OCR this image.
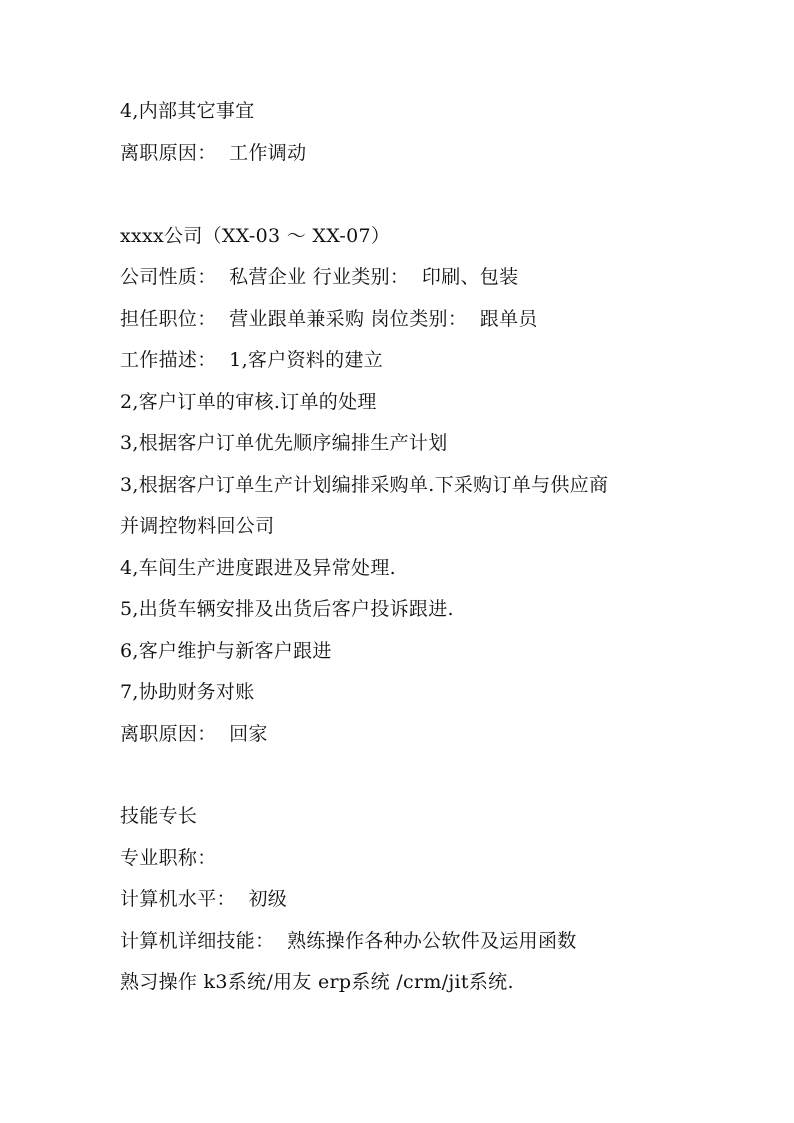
4,内部其它事宜
离职原因：  工作调动
xxxx公司（XX-03 ～ XX-07）
公司性质：  私营企业 行业类别：  印刷、包装
担任职位：  营业跟单兼采购 岗位类别：  跟单员
工作描述：  1,客户资料的建立
2,客户订单的审核.订单的处理
3,根据客户订单优先顺序编排生产计划
3,根据客户订单生产计划编排采购单.下采购订单与供应商
并调控物料回公司
4,车间生产进度跟进及异常处理.
5,出货车辆安排及出货后客户投诉跟进.
6,客户维护与新客户跟进
7,协助财务对账
离职原因：  回家
技能专长
专业职称：
计算机水平：  初级
计算机详细技能：  熟练操作各种办公软件及运用函数
熟习操作 k3系统/用友 erp系统 /crm/jit系统.
